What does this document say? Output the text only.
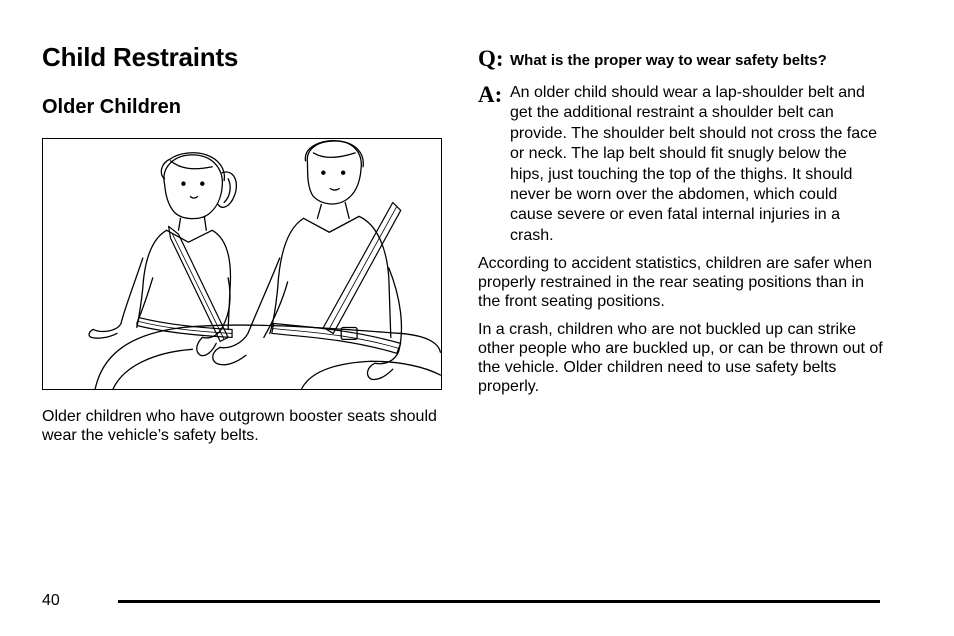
Child Restraints
Older Children

Older children who have outgrown booster seats should wear the vehicle’s safety belts.

Q: What is the proper way to wear safety belts?
A: An older child should wear a lap-shoulder belt and get the additional restraint a shoulder belt can provide. The shoulder belt should not cross the face or neck. The lap belt should fit snugly below the hips, just touching the top of the thighs. It should never be worn over the abdomen, which could cause severe or even fatal internal injuries in a crash.

According to accident statistics, children are safer when properly restrained in the rear seating positions than in the front seating positions.

In a crash, children who are not buckled up can strike other people who are buckled up, or can be thrown out of the vehicle. Older children need to use safety belts properly.

40
